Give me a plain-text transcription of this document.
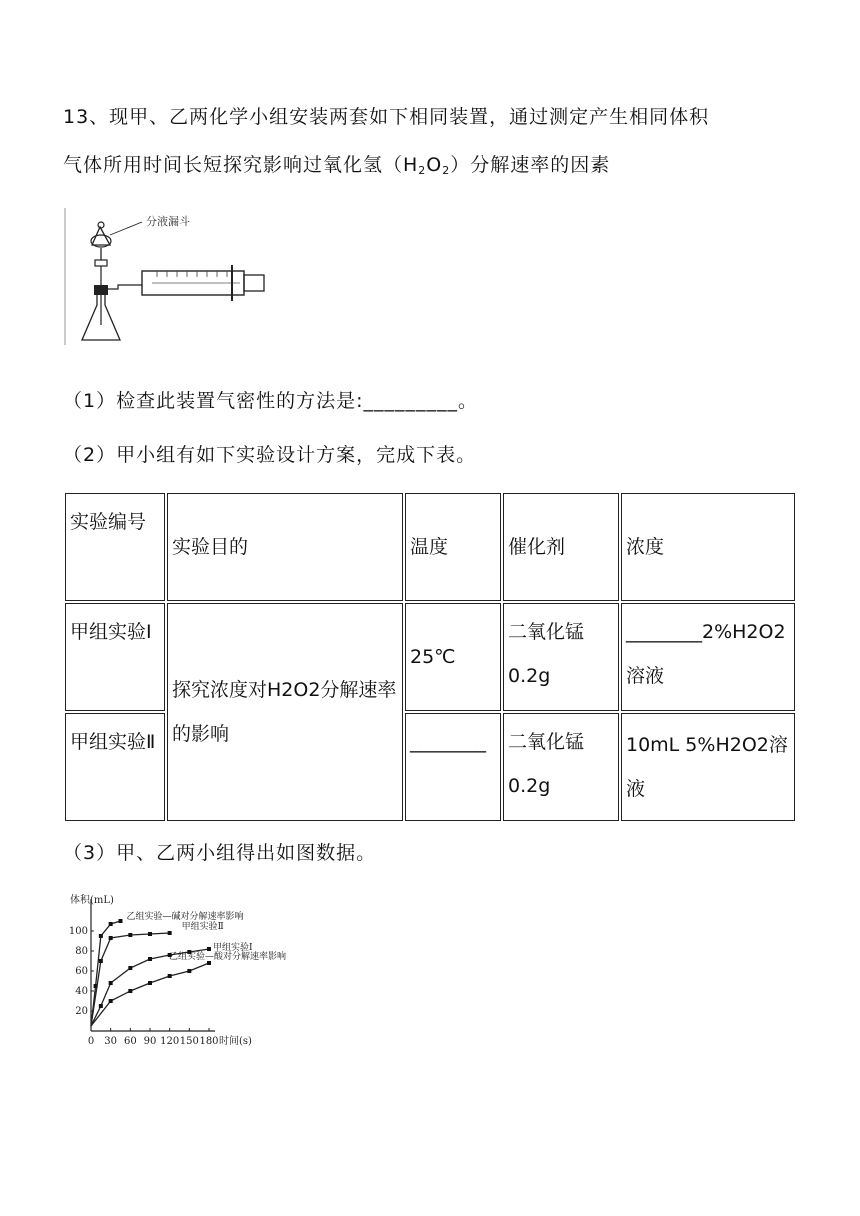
13、现甲、乙两化学小组安装两套如下相同装置，通过测定产生相同体积
气体所用时间长短探究影响过氧化氢$(H_2O_2)$分解速率的因素
分液漏斗
（1）检查此装置气密性的方法是:_________。
（2）甲小组有如下实验设计方案，完成下表。
实验编号	实验目的	温度	催化剂	浓度
甲组实验Ⅰ	探究浓度对H2O2分解速率的影响	25℃	二氧化锰0.2g	________2%H2O2溶液
甲组实验Ⅱ		________	二氧化锰0.2g	10mL 5%H2O2溶液
（3）甲、乙两小组得出如图数据。
体积(mL)
时间(s)
0 30 60 90 120 150 180
20
40
60
80
100
乙组实验—碱对分解速率影响
甲组实验Ⅱ
甲组实验Ⅰ
乙组实验—酸对分解速率影响
